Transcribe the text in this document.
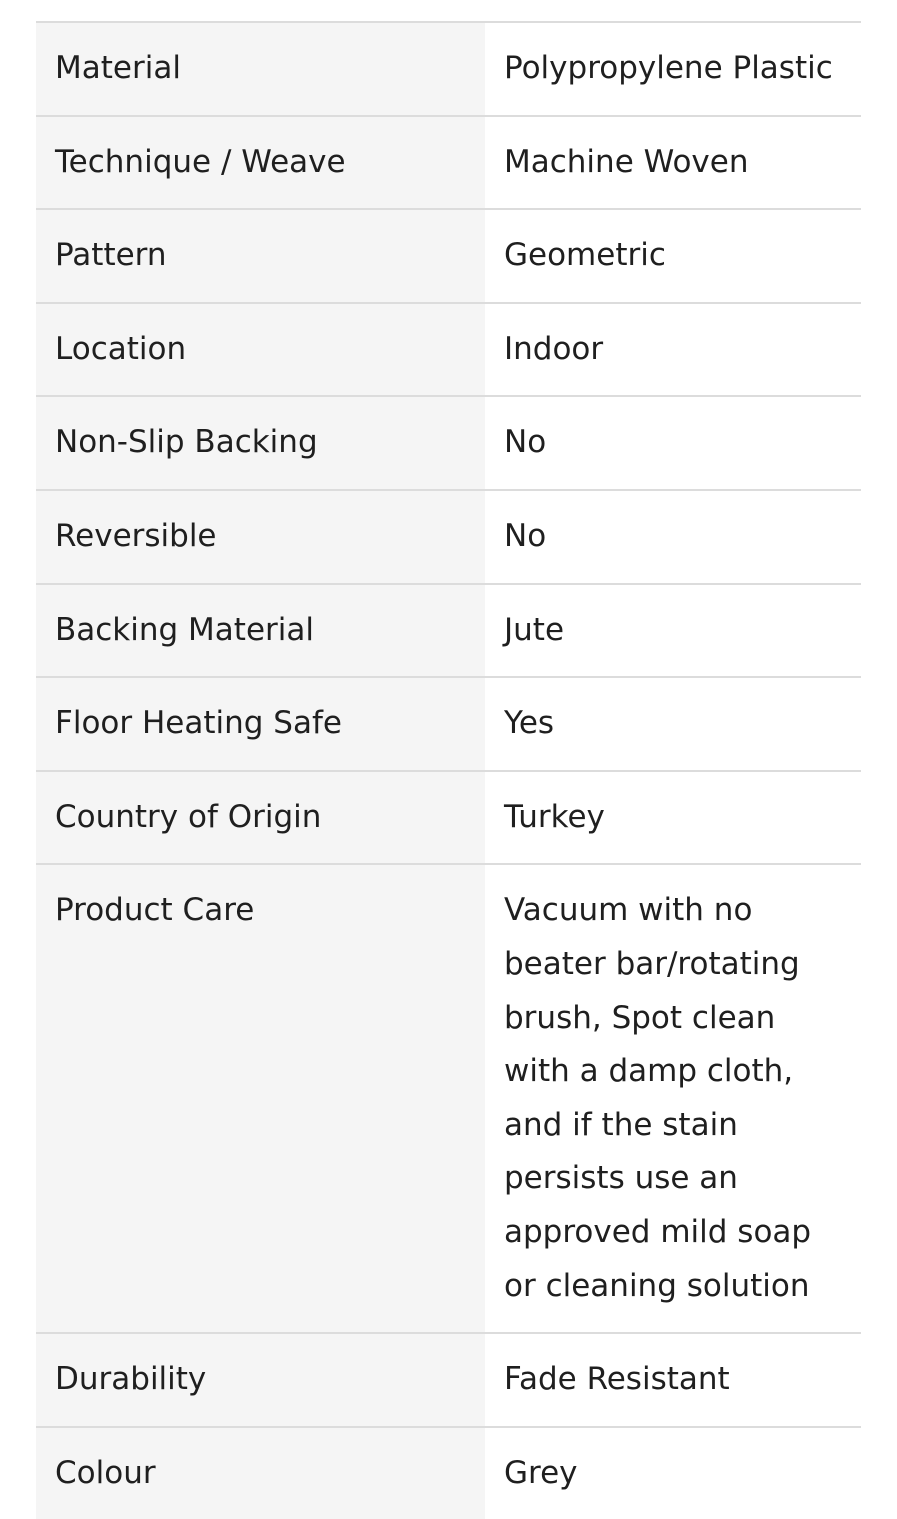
Material	Polypropylene Plastic
Technique / Weave	Machine Woven
Pattern	Geometric
Location	Indoor
Non-Slip Backing	No
Reversible	No
Backing Material	Jute
Floor Heating Safe	Yes
Country of Origin	Turkey
Product Care	Vacuum with no beater bar/rotating brush, Spot clean with a damp cloth, and if the stain persists use an approved mild soap or cleaning solution
Durability	Fade Resistant
Colour	Grey
